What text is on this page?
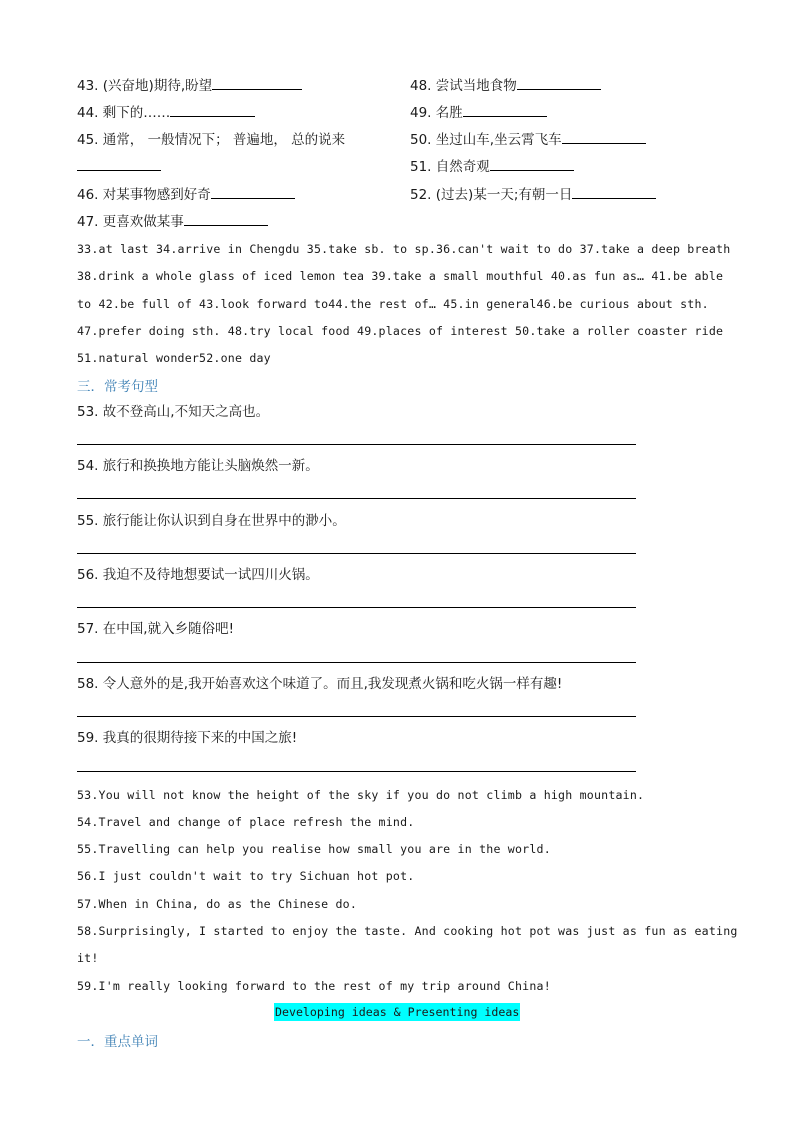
43. (兴奋地)期待,盼望
44. 剩下的……
45. 通常， 一般情况下； 普遍地， 总的说来
46. 对某事物感到好奇
47. 更喜欢做某事
48. 尝试当地食物
49. 名胜
50. 坐过山车,坐云霄飞车
51. 自然奇观
52. (过去)某一天;有朝一日
33.at last 34.arrive in Chengdu 35.take sb. to sp.36.can't wait to do 37.take a deep breath
38.drink a whole glass of iced lemon tea 39.take a small mouthful 40.as fun as… 41.be able
to 42.be full of 43.look forward to44.the rest of… 45.in general46.be curious about sth.
47.prefer doing sth. 48.try local food 49.places of interest 50.take a roller coaster ride
51.natural wonder52.one day
三．常考句型
53. 故不登高山,不知天之高也。
54. 旅行和换换地方能让头脑焕然一新。
55. 旅行能让你认识到自身在世界中的渺小。
56. 我迫不及待地想要试一试四川火锅。
57. 在中国,就入乡随俗吧!
58. 令人意外的是,我开始喜欢这个味道了。而且,我发现煮火锅和吃火锅一样有趣!
59. 我真的很期待接下来的中国之旅!
53.You will not know the height of the sky if you do not climb a high mountain.
54.Travel and change of place refresh the mind.
55.Travelling can help you realise how small you are in the world.
56.I just couldn't wait to try Sichuan hot pot.
57.When in China, do as the Chinese do.
58.Surprisingly, I started to enjoy the taste. And cooking hot pot was just as fun as eating
it!
59.I'm really looking forward to the rest of my trip around China!
Developing ideas & Presenting ideas
一．重点单词
